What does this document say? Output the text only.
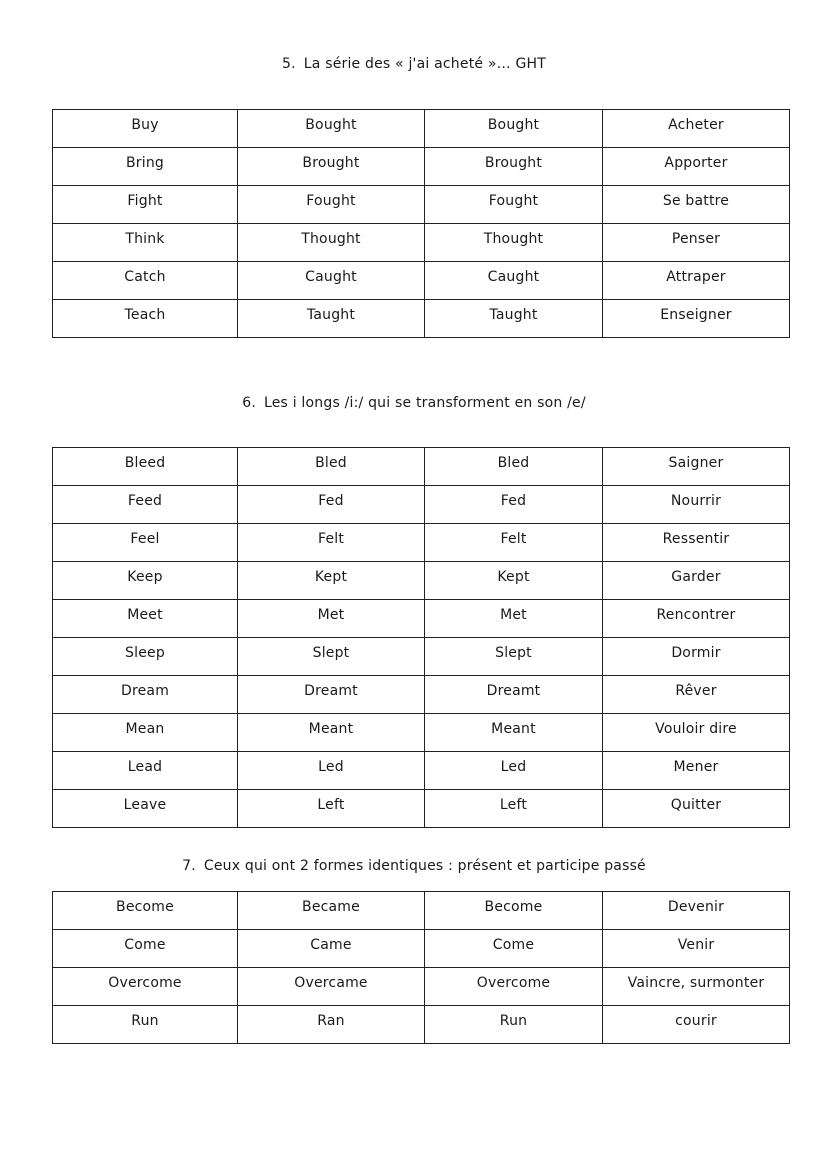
5. La série des « j'ai acheté »… GHT
Buy	Bought	Bought	Acheter
Bring	Brought	Brought	Apporter
Fight	Fought	Fought	Se battre
Think	Thought	Thought	Penser
Catch	Caught	Caught	Attraper
Teach	Taught	Taught	Enseigner
6. Les i longs /i:/ qui se transforment en son /e/
Bleed	Bled	Bled	Saigner
Feed	Fed	Fed	Nourrir
Feel	Felt	Felt	Ressentir
Keep	Kept	Kept	Garder
Meet	Met	Met	Rencontrer
Sleep	Slept	Slept	Dormir
Dream	Dreamt	Dreamt	Rêver
Mean	Meant	Meant	Vouloir dire
Lead	Led	Led	Mener
Leave	Left	Left	Quitter
7. Ceux qui ont 2 formes identiques : présent et participe passé
Become	Became	Become	Devenir
Come	Came	Come	Venir
Overcome	Overcame	Overcome	Vaincre, surmonter
Run	Ran	Run	courir
